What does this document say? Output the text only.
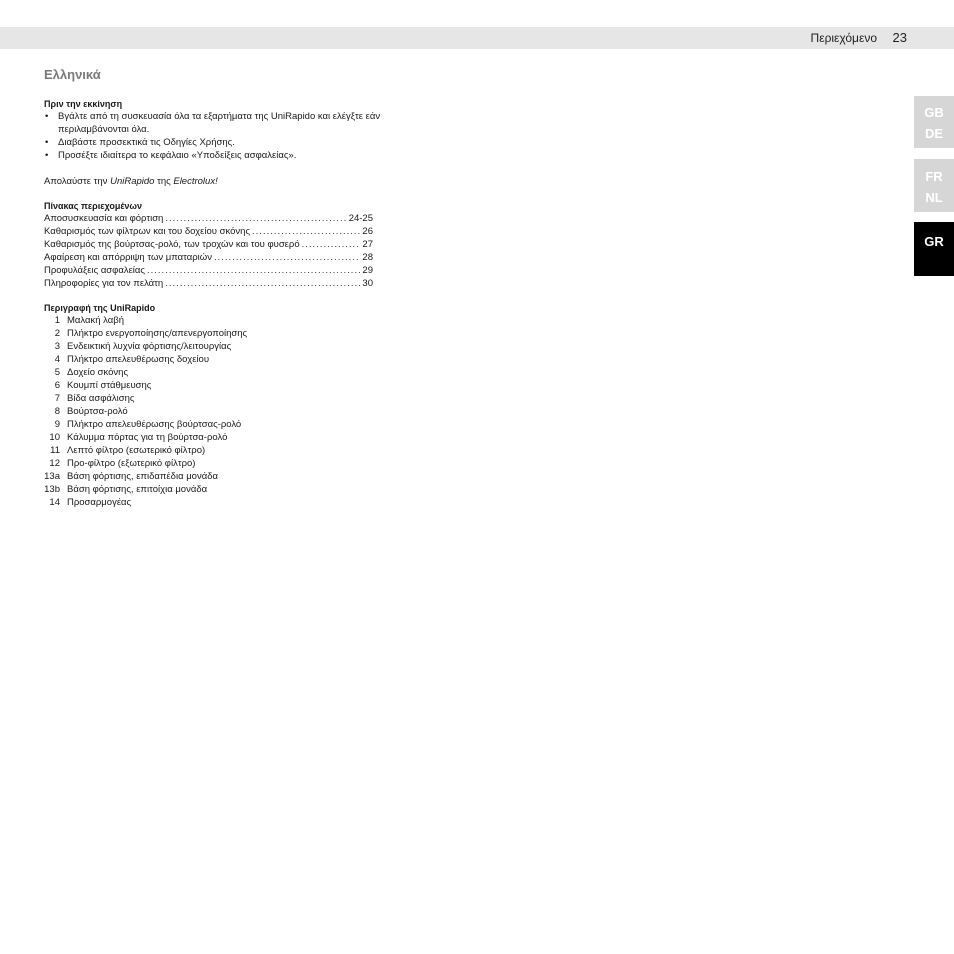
Περιεχόμενο 23
Ελληνικά
Πριν την εκκίνηση
• Βγάλτε από τη συσκευασία όλα τα εξαρτήματα της UniRapido και ελέγξτε εάν
περιλαμβάνονται όλα.
• Διαβάστε προσεκτικά τις Οδηγίες Χρήσης.
• Προσέξτε ιδιαίτερα το κεφάλαιο «Υποδείξεις ασφαλείας».
Απολαύστε την UniRapido της Electrolux!
Πίνακας περιεχομένων
Αποσυσκευασία και φόρτιση .....	24-25
Καθαρισμός των φίλτρων και του δοχείου σκόνης .....	26
Καθαρισμός της βούρτσας-ρολό, των τροχών και του φυσερό .....	27
Αφαίρεση και απόρριψη των μπαταριών .....	28
Προφυλάξεις ασφαλείας .....	29
Πληροφορίες για τον πελάτη .....	30
Περιγραφή της UniRapido
1 Μαλακή λαβή
2 Πλήκτρο ενεργοποίησης/απενεργοποίησης
3 Ενδεικτική λυχνία φόρτισης/λειτουργίας
4 Πλήκτρο απελευθέρωσης δοχείου
5 Δοχείο σκόνης
6 Κουμπί στάθμευσης
7 Βίδα ασφάλισης
8 Βούρτσα-ρολό
9 Πλήκτρο απελευθέρωσης βούρτσας-ρολό
10 Κάλυμμα πόρτας για τη βούρτσα-ρολό
11 Λεπτό φίλτρο (εσωτερικό φίλτρο)
12 Προ-φίλτρο (εξωτερικό φίλτρο)
13a Βάση φόρτισης, επιδαπέδια μονάδα
13b Βάση φόρτισης, επιτοίχια μονάδα
14 Προσαρμογέας
GB
DE
FR
NL
GR
